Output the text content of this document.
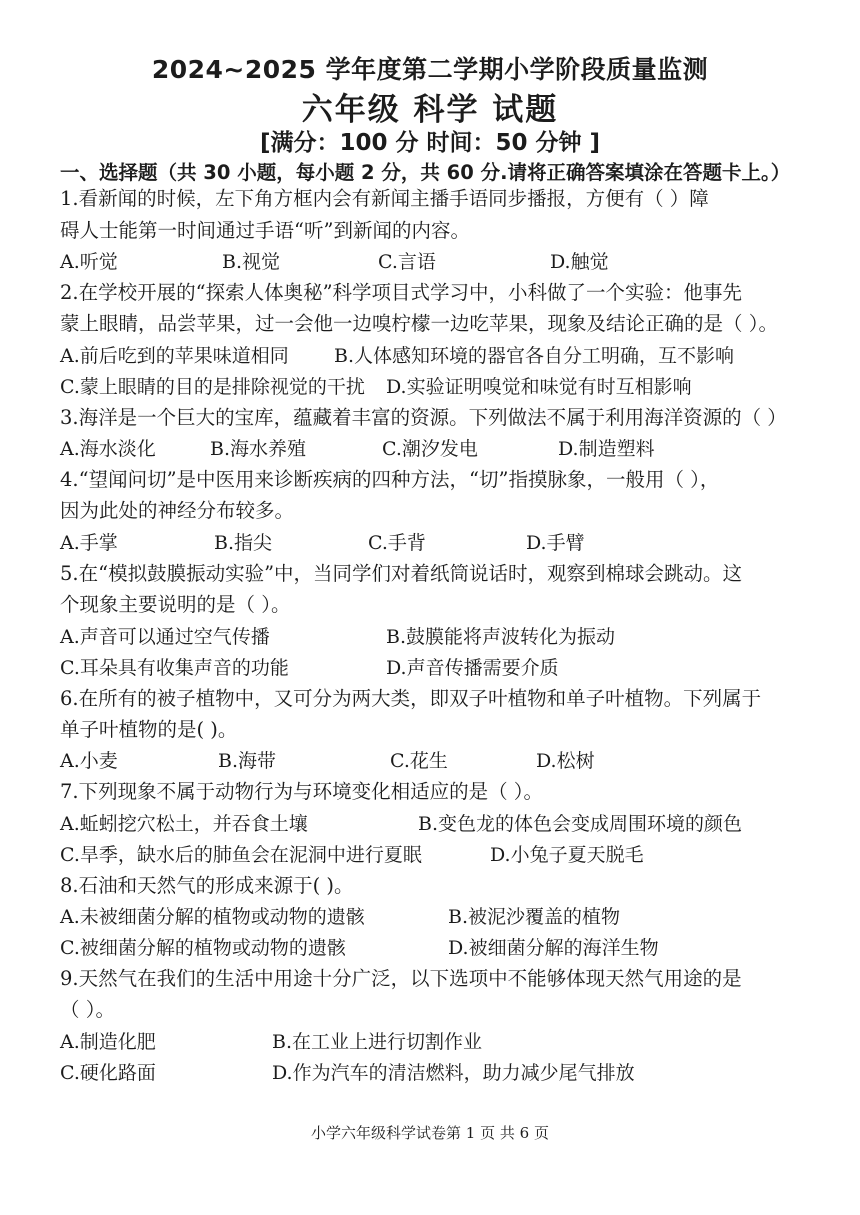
2024~2025 学年度第二学期小学阶段质量监测
六年级 科学 试题
[满分：100 分 时间：50 分钟 ]
一、选择题（共 30 小题，每小题 2 分，共 60 分.请将正确答案填涂在答题卡上。）
1.看新闻的时候，左下角方框内会有新闻主播手语同步播报，方便有（ ）障
碍人士能第一时间通过手语“听”到新闻的内容。
A.听觉	B.视觉	C.言语	D.触觉
2.在学校开展的“探索人体奥秘”科学项目式学习中，小科做了一个实验：他事先
蒙上眼睛，品尝苹果，过一会他一边嗅柠檬一边吃苹果，现象及结论正确的是（ ）。
A.前后吃到的苹果味道相同 B.人体感知环境的器官各自分工明确，互不影响
C.蒙上眼睛的目的是排除视觉的干扰 D.实验证明嗅觉和味觉有时互相影响
3.海洋是一个巨大的宝库，蕴藏着丰富的资源。下列做法不属于利用海洋资源的（ ）
A.海水淡化	B.海水养殖	C.潮汐发电	D.制造塑料
4.“望闻问切”是中医用来诊断疾病的四种方法，“切”指摸脉象，一般用（ ），
因为此处的神经分布较多。
A.手掌	B.指尖	C.手背	D.手臂
5.在“模拟鼓膜振动实验”中，当同学们对着纸筒说话时，观察到棉球会跳动。这
个现象主要说明的是（ ）。
A.声音可以通过空气传播	B.鼓膜能将声波转化为振动
C.耳朵具有收集声音的功能	D.声音传播需要介质
6.在所有的被子植物中，又可分为两大类，即双子叶植物和单子叶植物。下列属于
单子叶植物的是( )。
A.小麦	B.海带	C.花生	D.松树
7.下列现象不属于动物行为与环境变化相适应的是（ ）。
A.蚯蚓挖穴松土，并吞食土壤	B.变色龙的体色会变成周围环境的颜色
C.旱季，缺水后的肺鱼会在泥洞中进行夏眠	D.小兔子夏天脱毛
8.石油和天然气的形成来源于( )。
A.未被细菌分解的植物或动物的遗骸	B.被泥沙覆盖的植物
C.被细菌分解的植物或动物的遗骸	D.被细菌分解的海洋生物
9.天然气在我们的生活中用途十分广泛，以下选项中不能够体现天然气用途的是
（ ）。
A.制造化肥	B.在工业上进行切割作业
C.硬化路面	D.作为汽车的清洁燃料，助力减少尾气排放
小学六年级科学试卷第 1 页 共 6 页
